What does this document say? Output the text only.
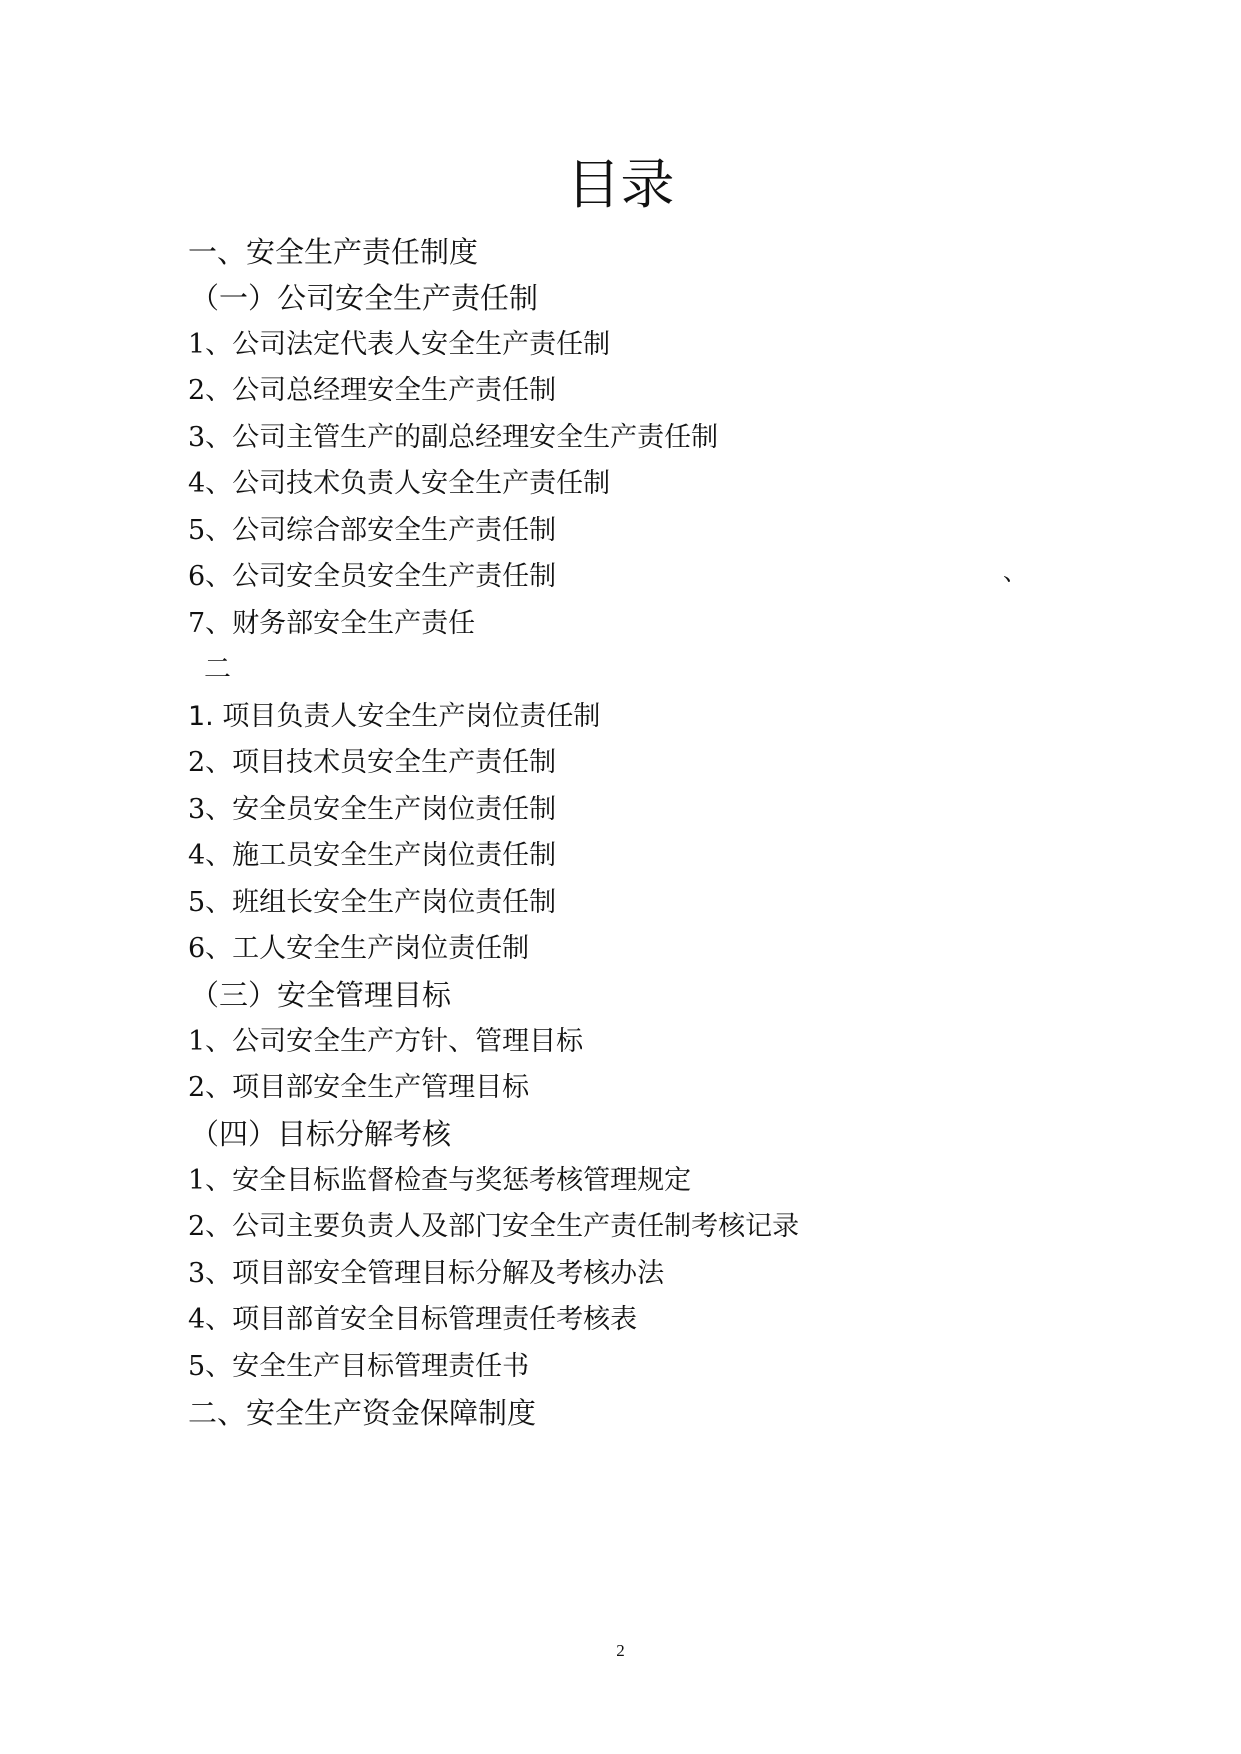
目录
一、安全生产责任制度
（一）公司安全生产责任制
1、公司法定代表人安全生产责任制
2、公司总经理安全生产责任制
3、公司主管生产的副总经理安全生产责任制
4、公司技术负责人安全生产责任制
5、公司综合部安全生产责任制
6、公司安全员安全生产责任制	、
7、财务部安全生产责任
二
1. 项目负责人安全生产岗位责任制
2、项目技术员安全生产责任制
3、安全员安全生产岗位责任制
4、施工员安全生产岗位责任制
5、班组长安全生产岗位责任制
6、工人安全生产岗位责任制
（三）安全管理目标
1、公司安全生产方针、管理目标
2、项目部安全生产管理目标
（四）目标分解考核
1、安全目标监督检查与奖惩考核管理规定
2、公司主要负责人及部门安全生产责任制考核记录
3、项目部安全管理目标分解及考核办法
4、项目部首安全目标管理责任考核表
5、安全生产目标管理责任书
二、安全生产资金保障制度
2
